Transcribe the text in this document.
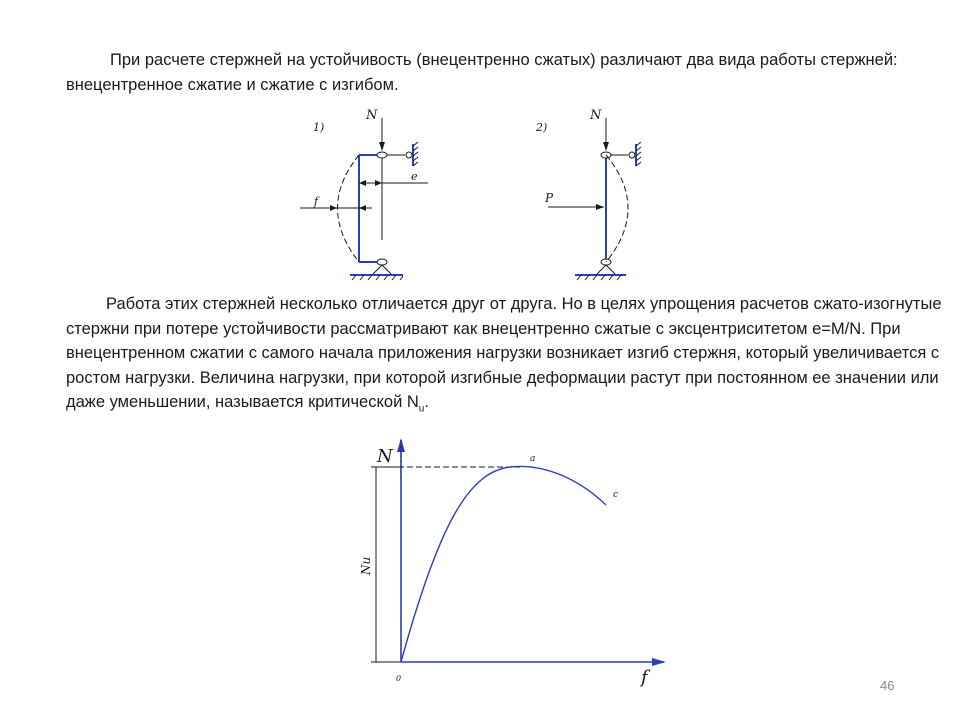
При расчете стержней на устойчивость (внецентренно сжатых) различают два вида работы стержней: внецентренное сжатие и сжатие с изгибом.

1)
N
e
f
2)
N
P
N
f
0
Nu
a
c

Работа этих стержней несколько отличается друг от друга. Но в целях упрощения расчетов сжато-изогнутые стержни при потере устойчивости рассматривают как внецентренно сжатые с эксцентриситетом e=M/N. При внецентренном сжатии с самого начала приложения нагрузки возникает изгиб стержня, который увеличивается с ростом нагрузки. Величина нагрузки, при которой изгибные деформации растут при постоянном ее значении или даже уменьшении, называется критической $N_u$.

46
